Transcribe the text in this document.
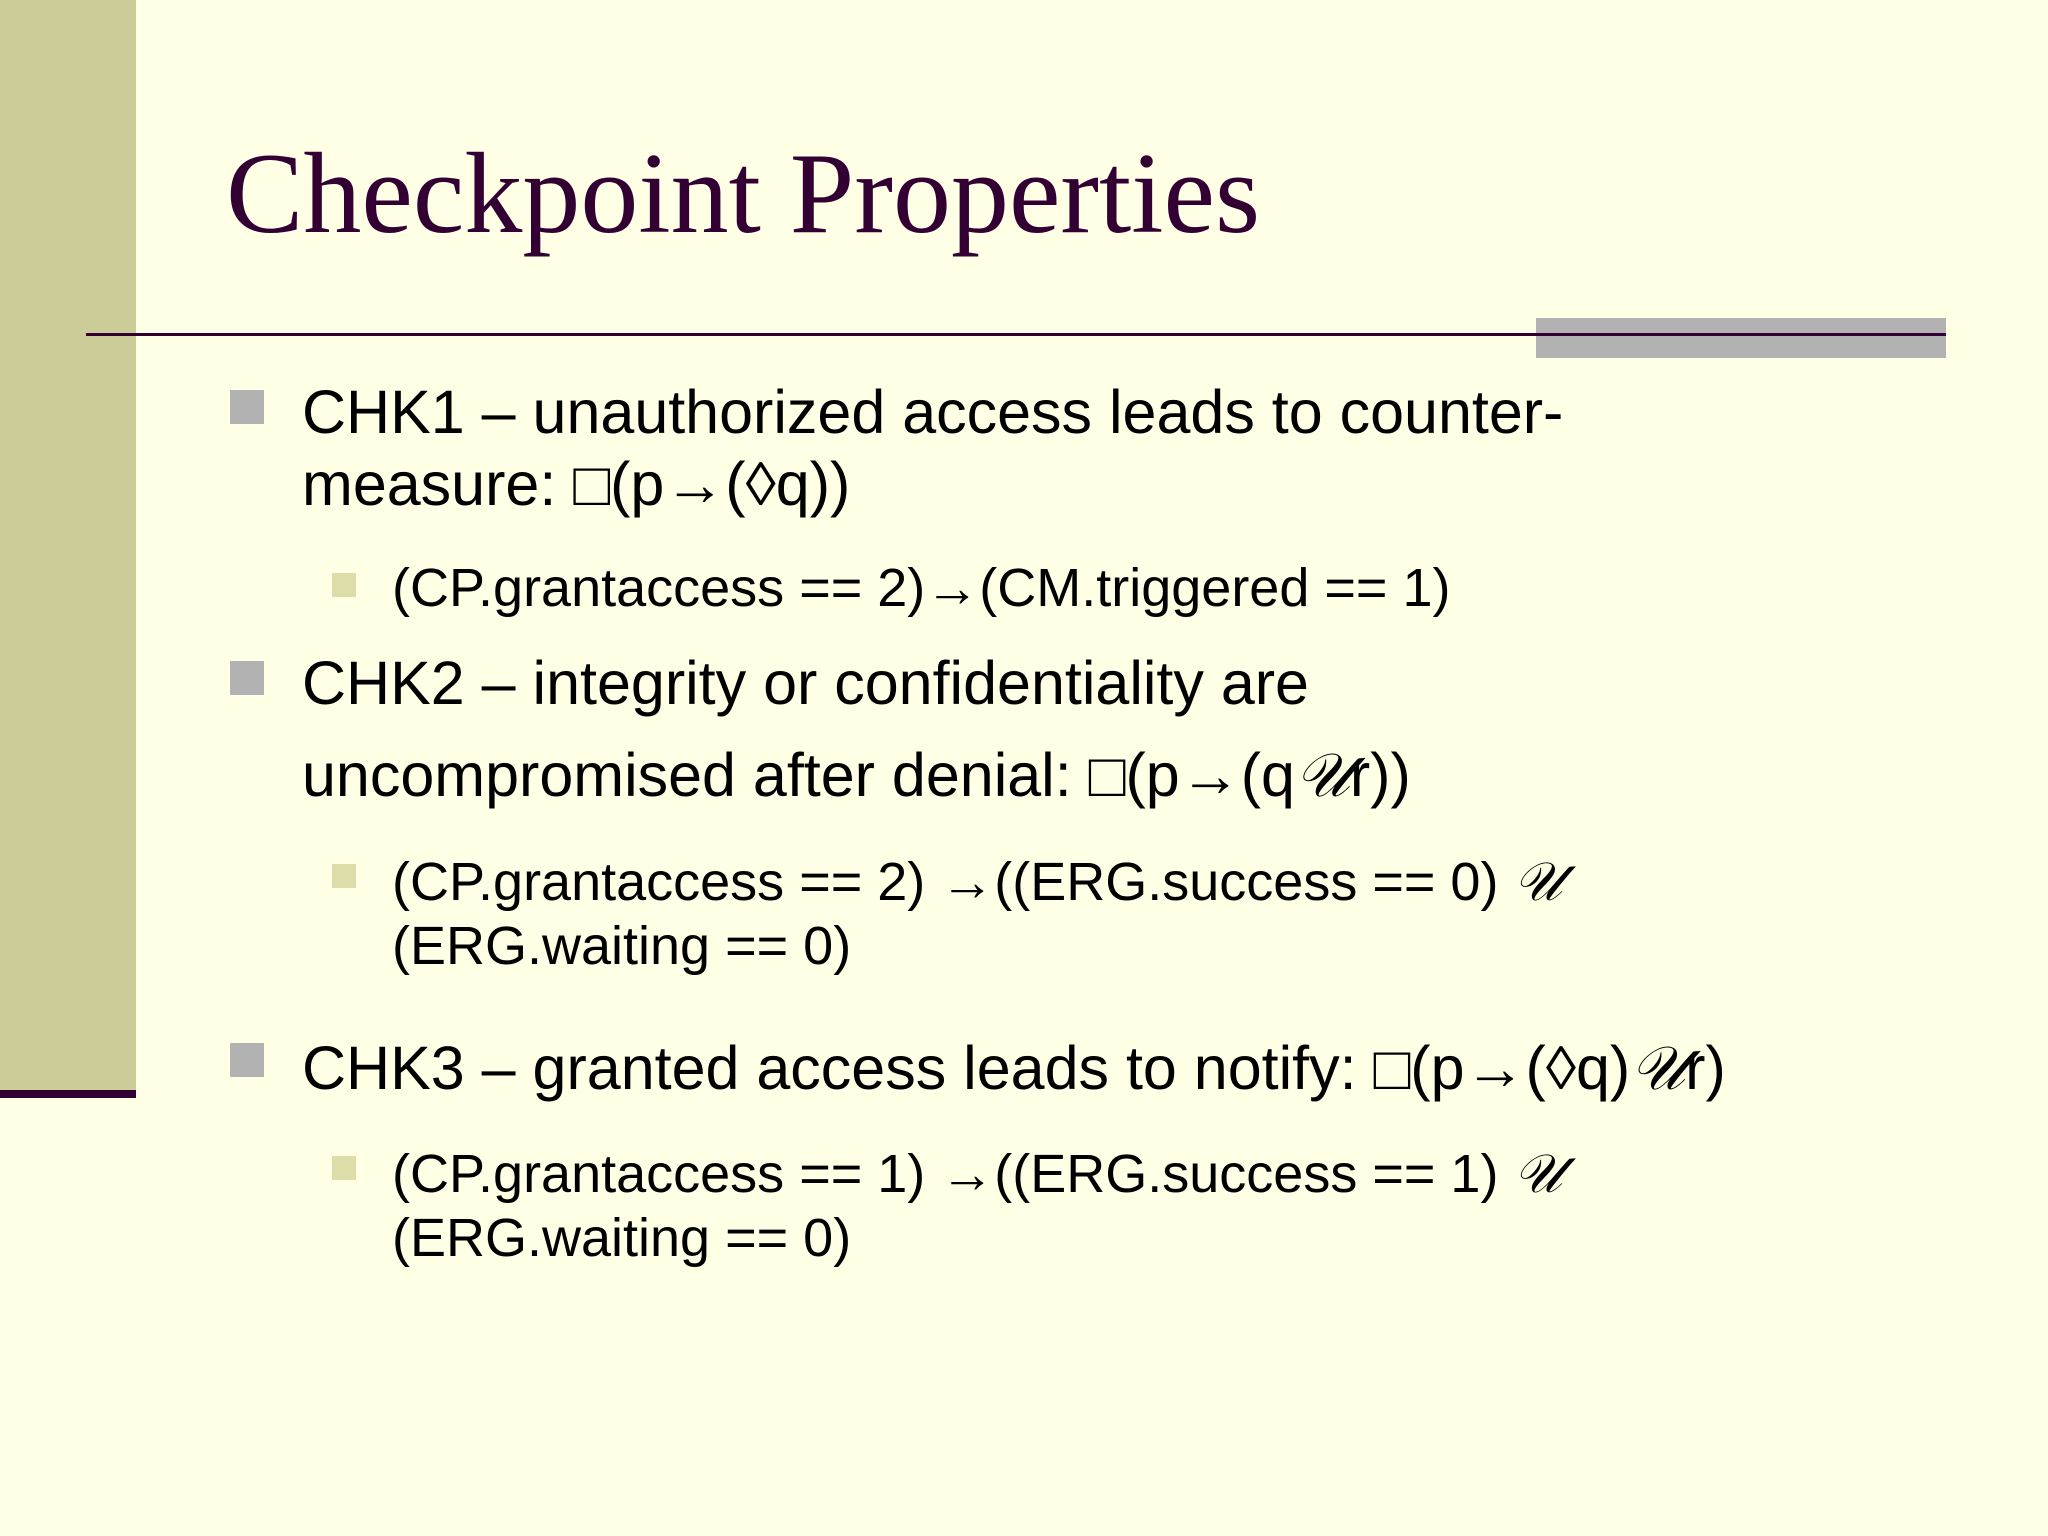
Checkpoint Properties
CHK1 – unauthorized access leads to counter-
measure: □(p→(◊q))
(CP.grantaccess == 2)→(CM.triggered == 1)
CHK2 – integrity or confidentiality are
uncompromised after denial: □(p→(q𝒰r))
(CP.grantaccess == 2) →((ERG.success == 0) 𝒰
(ERG.waiting == 0)
CHK3 – granted access leads to notify: □(p→(◊q)𝒰r)
(CP.grantaccess == 1) →((ERG.success == 1) 𝒰
(ERG.waiting == 0)
